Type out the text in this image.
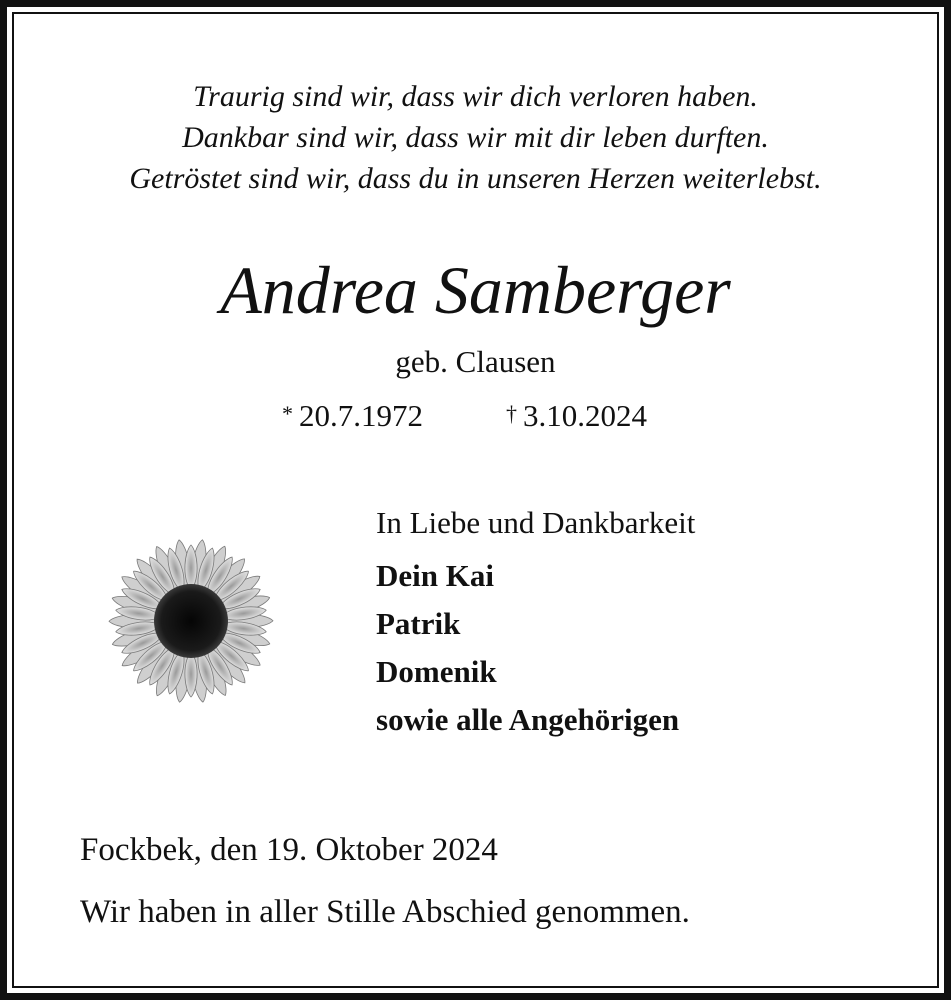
Traurig sind wir, dass wir dich verloren haben.
Dankbar sind wir, dass wir mit dir leben durften.
Getröstet sind wir, dass du in unseren Herzen weiterlebst.
Andrea Samberger
geb. Clausen
* 20.7.1972	† 3.10.2024
In Liebe und Dankbarkeit
Dein Kai
Patrik
Domenik
sowie alle Angehörigen
Fockbek, den 19. Oktober 2024
Wir haben in aller Stille Abschied genommen.
